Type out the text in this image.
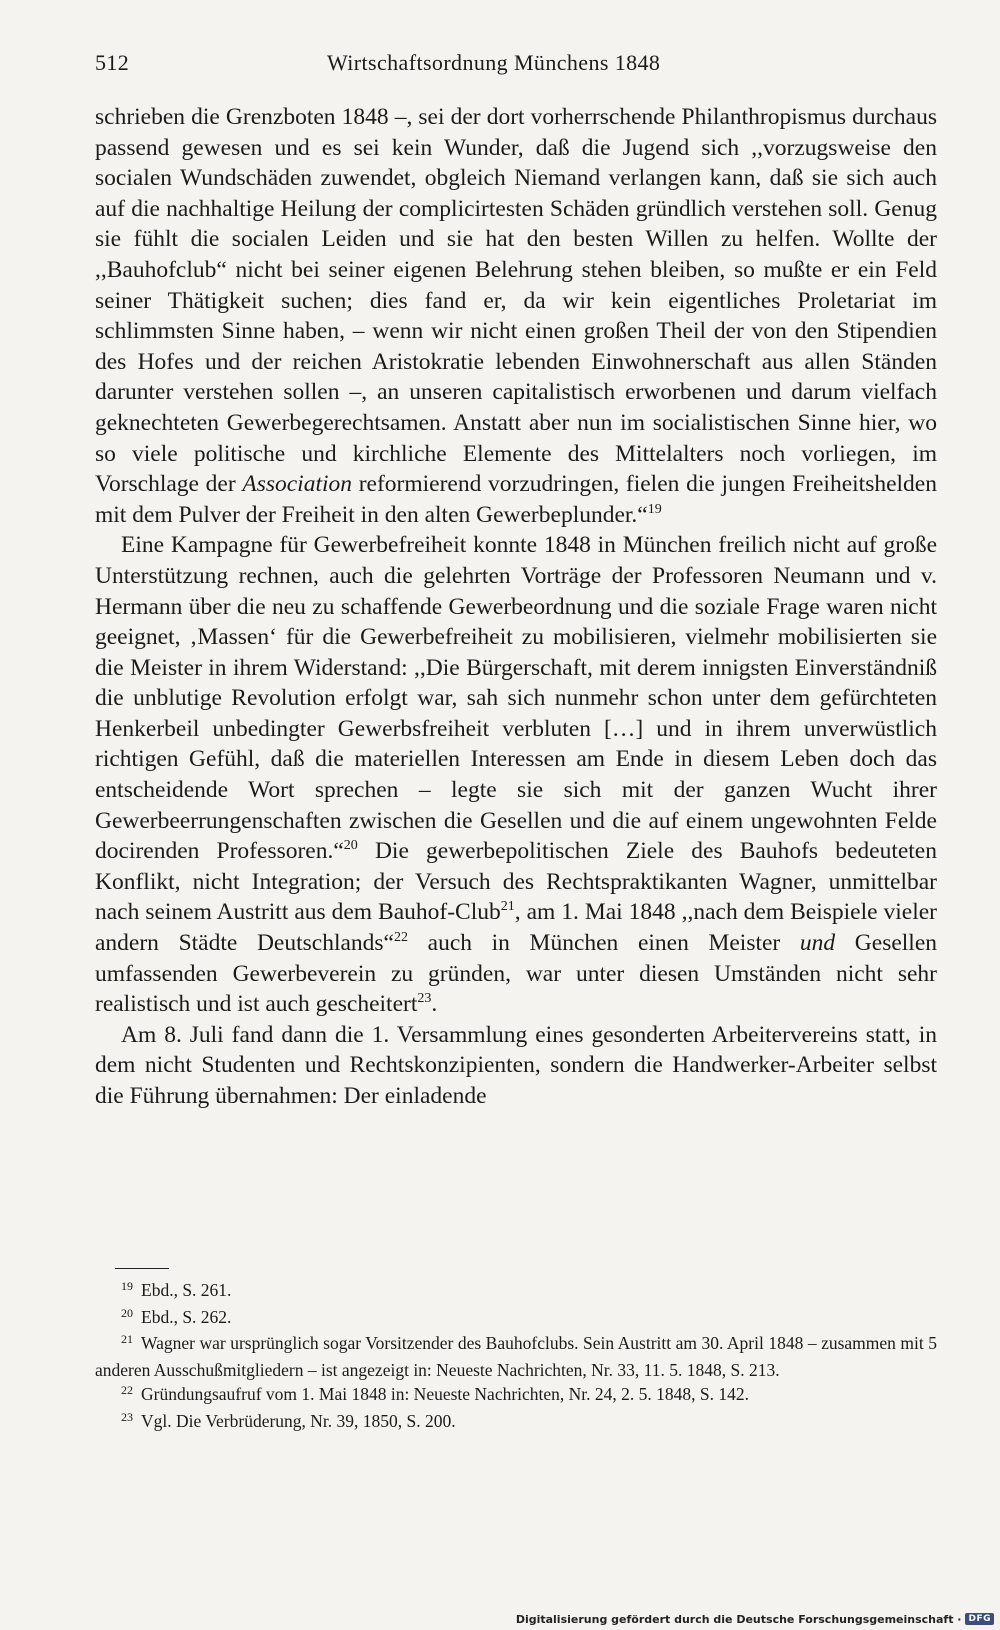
512	Wirtschaftsordnung Münchens 1848

schrieben die Grenzboten 1848 –, sei der dort vorherrschende Philanthropismus durchaus passend gewesen und es sei kein Wunder, daß die Jugend sich ,,vorzugsweise den socialen Wundschäden zuwendet, obgleich Niemand verlangen kann, daß sie sich auch auf die nachhaltige Heilung der complicirtesten Schäden gründlich verstehen soll. Genug sie fühlt die socialen Leiden und sie hat den besten Willen zu helfen. Wollte der ,,Bauhofclub“ nicht bei seiner eigenen Belehrung stehen bleiben, so mußte er ein Feld seiner Thätigkeit suchen; dies fand er, da wir kein eigentliches Proletariat im schlimmsten Sinne haben, – wenn wir nicht einen großen Theil der von den Stipendien des Hofes und der reichen Aristokratie lebenden Einwohnerschaft aus allen Ständen darunter verstehen sollen –, an unseren capitalistisch erworbenen und darum vielfach geknechteten Gewerbegerechtsamen. Anstatt aber nun im socialistischen Sinne hier, wo so viele politische und kirchliche Elemente des Mittelalters noch vorliegen, im Vorschlage der Association reformierend vorzudringen, fielen die jungen Freiheitshelden mit dem Pulver der Freiheit in den alten Gewerbeplunder.“$^{19}$

Eine Kampagne für Gewerbefreiheit konnte 1848 in München freilich nicht auf große Unterstützung rechnen, auch die gelehrten Vorträge der Professoren Neumann und v. Hermann über die neu zu schaffende Gewerbeordnung und die soziale Frage waren nicht geeignet, ‚Massen‘ für die Gewerbefreiheit zu mobilisieren, vielmehr mobilisierten sie die Meister in ihrem Widerstand: ,,Die Bürgerschaft, mit derem innigsten Einverständniß die unblutige Revolution erfolgt war, sah sich nunmehr schon unter dem gefürchteten Henkerbeil unbedingter Gewerbsfreiheit verbluten […] und in ihrem unverwüstlich richtigen Gefühl, daß die materiellen Interessen am Ende in diesem Leben doch das entscheidende Wort sprechen – legte sie sich mit der ganzen Wucht ihrer Gewerbeerrungenschaften zwischen die Gesellen und die auf einem ungewohnten Felde docirenden Professoren.“$^{20}$ Die gewerbepolitischen Ziele des Bauhofs bedeuteten Konflikt, nicht Integration; der Versuch des Rechtspraktikanten Wagner, unmittelbar nach seinem Austritt aus dem Bauhof-Club$^{21}$, am 1. Mai 1848 ,,nach dem Beispiele vieler andern Städte Deutschlands“$^{22}$ auch in München einen Meister und Gesellen umfassenden Gewerbeverein zu gründen, war unter diesen Umständen nicht sehr realistisch und ist auch gescheitert$^{23}$.

Am 8. Juli fand dann die 1. Versammlung eines gesonderten Arbeitervereins statt, in dem nicht Studenten und Rechtskonzipienten, sondern die Handwerker-Arbeiter selbst die Führung übernahmen: Der einladende

$^{19}$ Ebd., S. 261.

$^{20}$ Ebd., S. 262.

$^{21}$ Wagner war ursprünglich sogar Vorsitzender des Bauhofclubs. Sein Austritt am 30. April 1848 – zusammen mit 5 anderen Ausschußmitgliedern – ist angezeigt in: Neueste Nachrichten, Nr. 33, 11. 5. 1848, S. 213.

$^{22}$ Gründungsaufruf vom 1. Mai 1848 in: Neueste Nachrichten, Nr. 24, 2. 5. 1848, S. 142.

$^{23}$ Vgl. Die Verbrüderung, Nr. 39, 1850, S. 200.

Digitalisierung gefördert durch die Deutsche Forschungsgemeinschaft · DFG
